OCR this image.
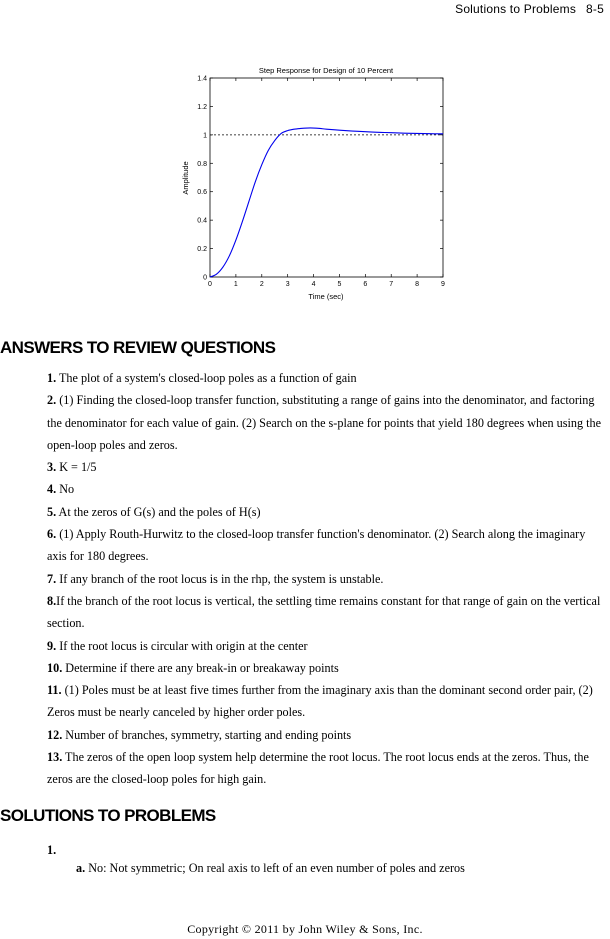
Solutions to Problems 8-5
Step Response for Design of 10 Percent
0
0.2
0.4
0.6
0.8
1
1.2
1.4
0	1	2	3	4	5	6	7	8	9
Time (sec)
Amplitude
ANSWERS TO REVIEW QUESTIONS

1. The plot of a system's closed-loop poles as a function of gain

2. (1) Finding the closed-loop transfer function, substituting a range of gains into the denominator, and factoring the denominator for each value of gain. (2) Search on the s-plane for points that yield 180 degrees when using the open-loop poles and zeros.

3. K = 1/5

4. No

5. At the zeros of G(s) and the poles of H(s)

6. (1) Apply Routh-Hurwitz to the closed-loop transfer function's denominator. (2) Search along the imaginary axis for 180 degrees.

7. If any branch of the root locus is in the rhp, the system is unstable.

8.If the branch of the root locus is vertical, the settling time remains constant for that range of gain on the vertical section.

9. If the root locus is circular with origin at the center

10. Determine if there are any break-in or breakaway points

11. (1) Poles must be at least five times further from the imaginary axis than the dominant second order pair, (2) Zeros must be nearly canceled by higher order poles.

12. Number of branches, symmetry, starting and ending points

13. The zeros of the open loop system help determine the root locus. The root locus ends at the zeros. Thus, the zeros are the closed-loop poles for high gain.

SOLUTIONS TO PROBLEMS
1.
a. No: Not symmetric; On real axis to left of an even number of poles and zeros
Copyright © 2011 by John Wiley & Sons, Inc.
